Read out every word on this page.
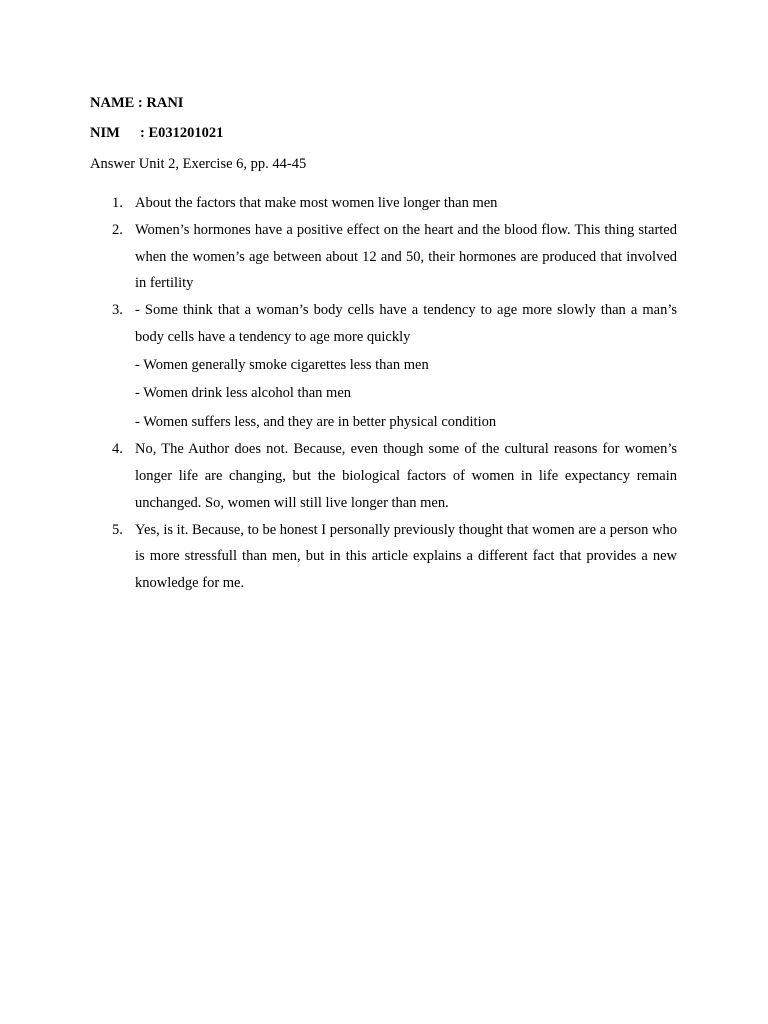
NAME : RANI
NIM : E031201021
Answer Unit 2, Exercise 6, pp. 44-45
1. About the factors that make most women live longer than men
2. Women’s hormones have a positive effect on the heart and the blood flow. This thing started when the women’s age between about 12 and 50, their hormones are produced that involved in fertility
3. - Some think that a woman’s body cells have a tendency to age more slowly than a man’s body cells have a tendency to age more quickly
- Women generally smoke cigarettes less than men
- Women drink less alcohol than men
- Women suffers less, and they are in better physical condition
4. No, The Author does not. Because, even though some of the cultural reasons for women’s longer life are changing, but the biological factors of women in life expectancy remain unchanged. So, women will still live longer than men.
5. Yes, is it. Because, to be honest I personally previously thought that women are a person who is more stressfull than men, but in this article explains a different fact that provides a new knowledge for me.
